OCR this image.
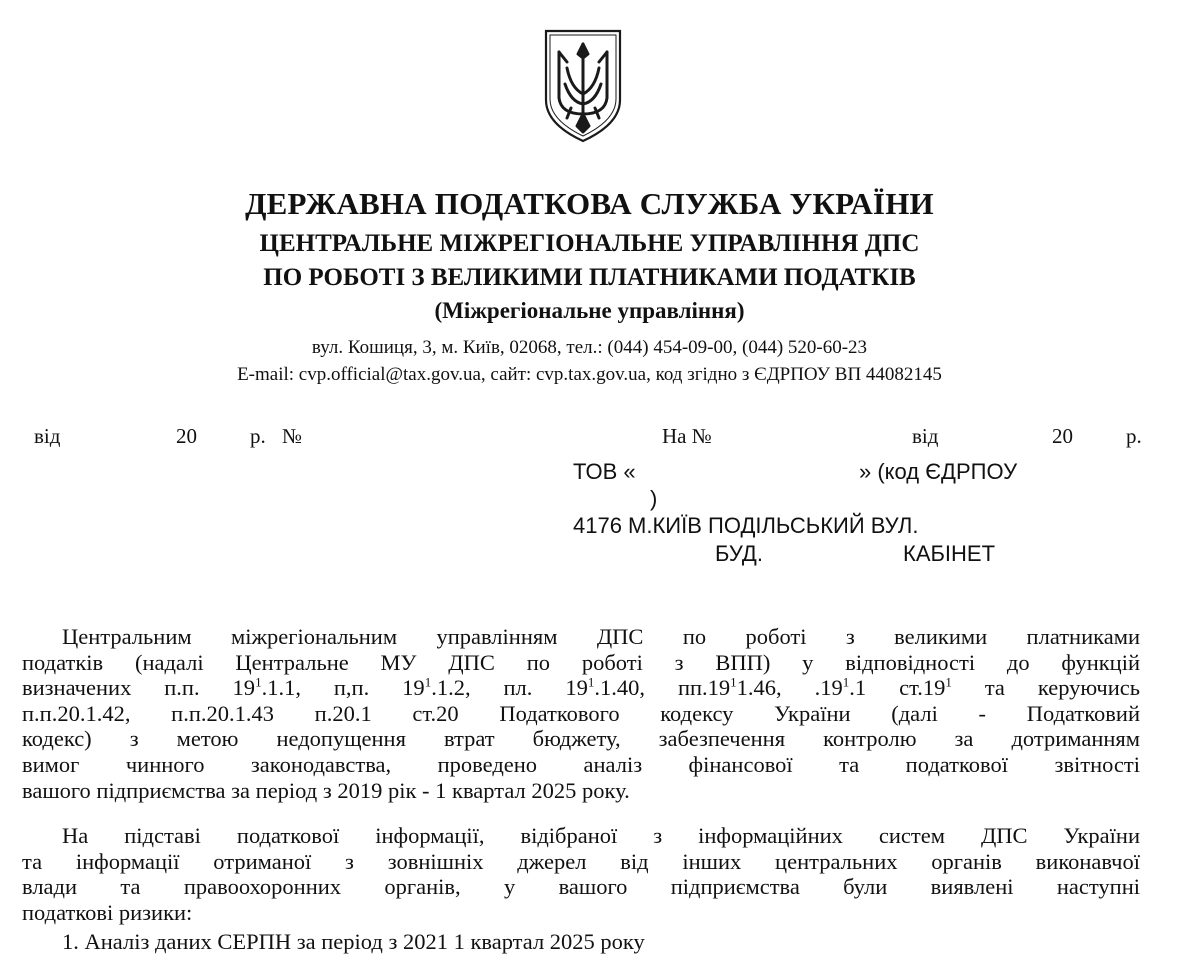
ДЕРЖАВНА ПОДАТКОВА СЛУЖБА УКРАЇНИ
ЦЕНТРАЛЬНЕ МІЖРЕГІОНАЛЬНЕ УПРАВЛІННЯ ДПС
ПО РОБОТІ З ВЕЛИКИМИ ПЛАТНИКАМИ ПОДАТКІВ
(Міжрегіональне управління)
вул. Кошиця, 3, м. Київ, 02068, тел.: (044) 454-09-00, (044) 520-60-23
E-mail: cvp.official@tax.gov.ua, сайт: cvp.tax.gov.ua, код згідно з ЄДРПОУ ВП 44082145
від	20	р. №	На №	від	20	р.
ТОВ «	» (код ЄДРПОУ
)
4176 М.КИЇВ ПОДІЛЬСЬКИЙ ВУЛ.
БУД.	КАБІНЕТ
Центральним міжрегіональним управлінням ДПС по роботі з великими платниками
податків (надалі Центральне МУ ДПС по роботі з ВПП) у відповідності до функцій
визначених п.п. $19^1.1.1$, п,п. $19^1.1.2$, пл. $19^1.1.40$, $пп.19^11.46$, $.19^1.1$ $ст.19^1$ та керуючись
п.п.20.1.42, п.п.20.1.43 п.20.1 ст.20 Податкового кодексу України (далі - Податковий
кодекс) з метою недопущення втрат бюджету, забезпечення контролю за дотриманням
вимог чинного законодавства, проведено аналіз фінансової та податкової звітності
вашого підприємства за період з 2019 рік - 1 квартал 2025 року.
На підставі податкової інформації, відібраної з інформаційних систем ДПС України
та інформації отриманої з зовнішніх джерел від інших центральних органів виконавчої
влади та правоохоронних органів, у вашого підприємства були виявлені наступні
податкові ризики:
1. Аналіз даних СЕРПН за період з 2021 1 квартал 2025 року
